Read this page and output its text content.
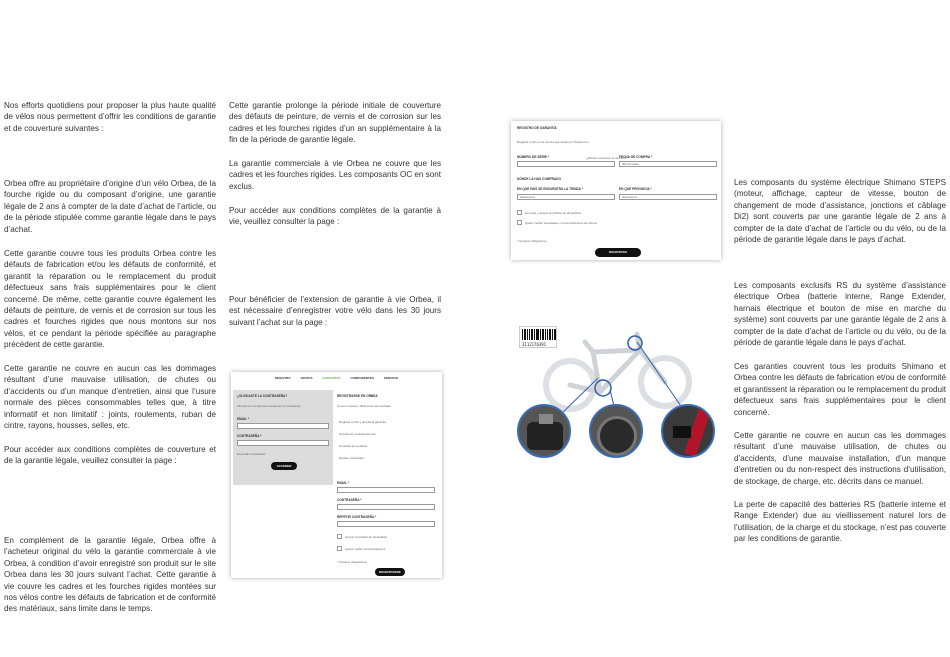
Nos efforts quotidiens pour proposer la plus haute qualité de vélos nous permettent d’offrir les conditions de garantie et de couverture suivantes :

Orbea offre au propriétaire d’origine d’un vélo Orbea, de la fourche rigide ou du composant d’origine, une garantie légale de 2 ans à compter de la date d’achat de l’article, ou de la période stipulée comme garantie légale dans le pays d’achat.

Cette garantie couvre tous les produits Orbea contre les défauts de fabrication et/ou les défauts de conformité, et garantit la réparation ou le remplacement du produit défectueux sans frais supplémentaires pour le client concerné. De même, cette garantie couvre également les défauts de peinture, de vernis et de corrosion sur tous les cadres et fourches rigides que nous montons sur nos vélos, et ce pendant la période spécifiée au paragraphe précédent de cette garantie.

Cette garantie ne couvre en aucun cas les dommages résultant d’une mauvaise utilisation, de chutes ou d’accidents ou d’un manque d’entretien, ainsi que l’usure normale des pièces consommables telles que, à titre informatif et non limitatif : joints, roulements, ruban de cintre, rayons, housses, selles, etc.

Pour accéder aux conditions complètes de couverture et de la garantie légale, veuillez consulter la page :

En complément de la garantie légale, Orbea offre à l’acheteur original du vélo la garantie commerciale à vie Orbea, à condition d’avoir enregistré son produit sur le site Orbea dans les 30 jours suivant l’achat. Cette garantie à vie couvre les cadres et les fourches rigides montées sur nos vélos contre les défauts de fabrication et de conformité des matériaux, sans limite dans le temps.

Cette garantie prolonge la période initiale de couverture des défauts de peinture, de vernis et de corrosion sur les cadres et les fourches rigides d’un an supplémentaire à la fin de la période de garantie légale.

La garantie commerciale à vie Orbea ne couvre que les cadres et les fourches rigides. Les composants OC en sont exclus.

Pour accéder aux conditions complètes de la garantie à vie, veuillez consulter la page :

Pour bénéficier de l’extension de garantie à vie Orbea, il est nécessaire d’enregistrer votre vélo dans les 30 jours suivant l’achat sur la page :

Les composants du système électrique Shimano STEPS (moteur, affichage, capteur de vitesse, bouton de changement de mode d’assistance, jonctions et câblage Di2) sont couverts par une garantie légale de 2 ans à compter de la date d’achat de l’article ou du vélo, ou de la période de garantie légale dans le pays d’achat.

Les composants exclusifs RS du système d’assistance électrique Orbea (batterie interne, Range Extender, harnais électrique et bouton de mise en marche du système) sont couverts par une garantie légale de 2 ans à compter de la date d’achat de l’article ou du vélo, ou de la période de garantie légale dans le pays d’achat.

Ces garanties couvrent tous les produits Shimano et Orbea contre les défauts de fabrication et/ou de conformité et garantissent la réparation ou le remplacement du produit défectueux sans frais supplémentaires pour le client concerné.

Cette garantie ne couvre en aucun cas les dommages résultant d’une mauvaise utilisation, de chutes ou d’accidents, d’une mauvaise installation, d’un manque d’entretien ou du non-respect des instructions d’utilisation, de stockage, de charge, etc. décrits dans ce manuel.

La perte de capacité des batteries RS (batterie interne et Range Extender) due au vieillissement naturel lors de l’utilisation, de la charge et du stockage, n’est pas couverte par les conditions de garantie.

REGISTRO DE GARANTÍA
Registra tu bici en la cuenta que tienes en Orbea.com.
NÚMERO DE SERIE *	¿Dónde encuentro el número?
FECHA DE COMPRA *
dd/mm/aaaa
DÓNDE LA HAS COMPRADO
EN QUÉ PAÍS SE ENCUENTRA LA TIENDA *
Selecciona
EN QUÉ PROVINCIA *
Selecciona
He leído y acepto la política de privacidad
Quiero recibir novedades y comunicaciones de Orbea
* Campos obligatorios
REGISTRAR
3112176391
REGISTRO	VENTAS	GARANTÍAS	COMPONENTES	SERVICIO
¿OLVIDASTE LA CONTRASEÑA?
Introduce tu email para recuperar tu contraseña.
EMAIL *
CONTRASEÑA *
Recordar contraseña
ACCEDER
REGISTRARSE EN ORBEA
Crea tu cuenta y disfruta de las ventajas:
Registra tu bici y amplía la garantía
Guarda tus configuraciones
Consulta tus pedidos
Recibe novedades
EMAIL *
CONTRASEÑA *
REPETIR CONTRASEÑA *
Acepto la política de privacidad
Quiero recibir comunicaciones
* Campos obligatorios
REGISTRARSE
